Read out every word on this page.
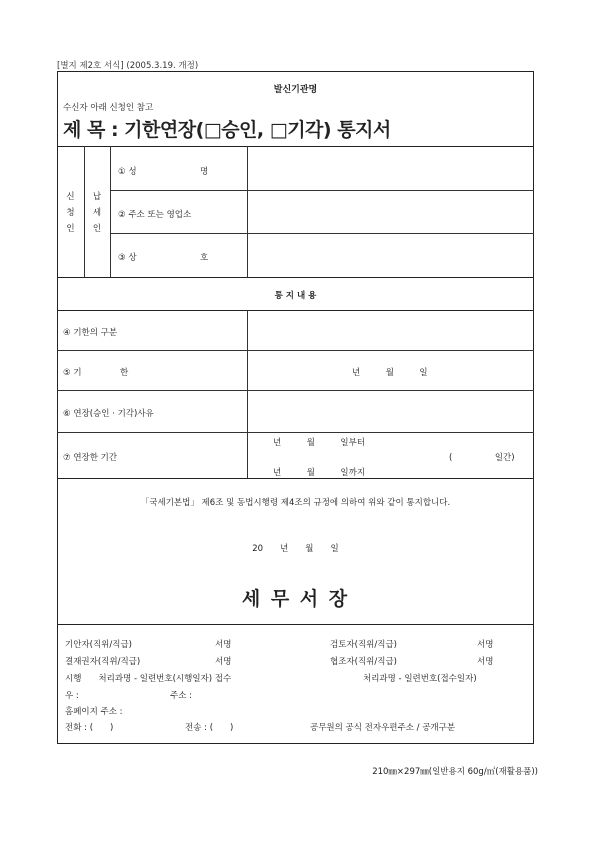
[별지 제2호 서식] (2005.3.19. 개정)
발신기관명
수신자 아래 신청인 참고
제 목 : 기한연장(□승인, □기각) 통지서
신
청
인
납
세
인
① 성	명
② 주소 또는 영업소
③ 상	호
통 지 내 용
④ 기한의 구분
⑤ 기	한	년　　　월　　　일
⑥ 연장(승인 · 기각)사유
⑦ 연장한 기간
년　　　월　　　일부터
년　　　월　　　일까지
(　　　　　일간)
「국세기본법」 제6조 및 동법시행령 제4조의 규정에 의하여 위와 같이 통지합니다.
20　　년　　월　　일
세 무 서 장
기안자(직위/직급)	서명	검토자(직위/직급)	서명
결재권자(직위/직급)	서명	협조자(직위/직급)	서명
시행　　처리과명 - 일련번호(시행일자) 접수	처리과명 - 일련번호(접수일자)
우 :	주소 :
홈페이지 주소 :
전화 : (　　)	전송 : (　　)	공무원의 공식 전자우편주소 / 공개구분
210㎜×297㎜(일반용지 60g/㎡(재활용품))
